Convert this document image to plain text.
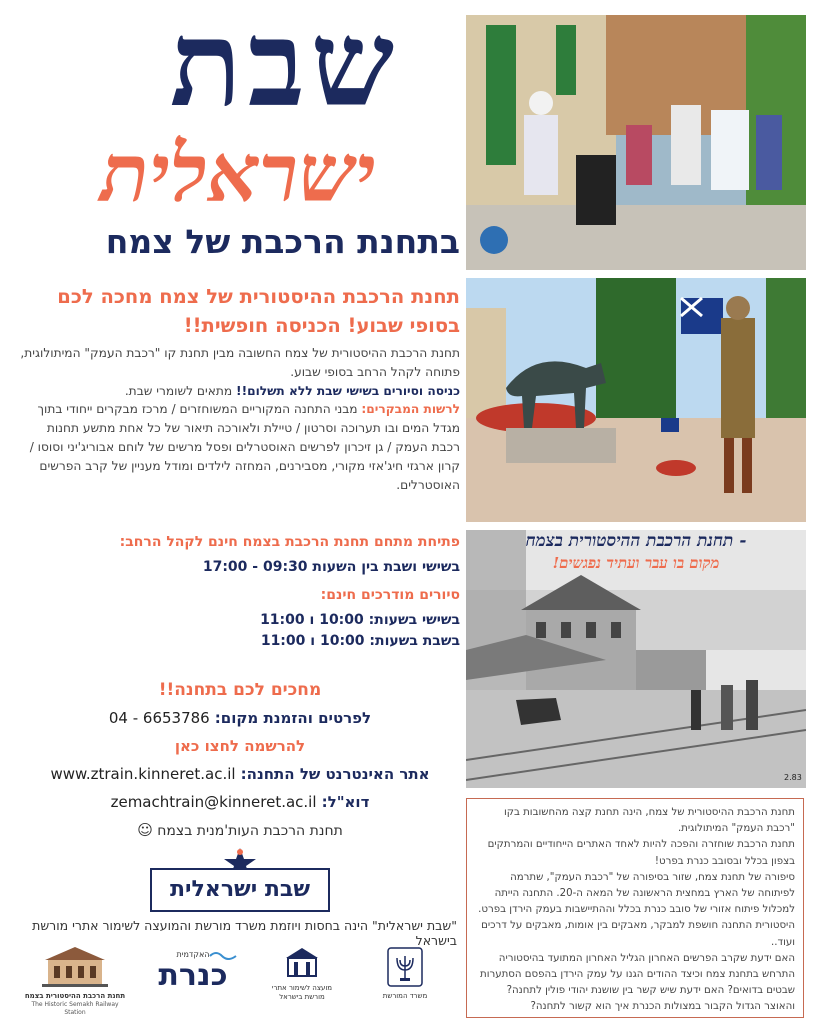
שבת
ישראלית
בתחנת הרכבת של צמח
תחנת הרכבת ההיסטורית של צמח מחכה לכם
בסופי שבוע! הכניסה חופשית!!
תחנת הרכבת ההיסטורית של צמח החשובה מבין תחנת קו "רכבת העמק" המיתולוגית, פתוחה לקהל הרחב בסופי שבוע.
כניסה וסיורים בשישי שבת ללא תשלום!! מתאים לשומרי שבת.
לרשות המבקרים: מבני התחנה המקוריים המשוחזרים / מרכז מבקרים ייחודי בתוך מגדל המים ובו תערוכה וסרטון / טיילת ולאורכה תיאור של כל אחת מתשע תחנות רכבת העמק / גן זיכרון לפרשים האוסטרלים ופסל מרשים של לוחם אבוריג'יני וסוסו / קרון ארגזי חיג'אזי מקורי, מסבירנים, המחזה לילדים ומודל מעניין של קרב הפרשים האוסטרלים.
פתיחת מתחם תחנת הרכבת בצמח חינם לקהל הרחב:
בשישי ושבת בין השעות 09:30 - 17:00
סיורים מודרכים חינם:
בשישי בשעות: 10:00 ו 11:00
בשבת בשעות: 10:00 ו 11:00
מחכים לכם בתחנה!!
לפרטים והזמנת מקום: 04 - 6653786
להרשמה לחצו כאן
אתר האינטרנט של התחנה: www.ztrain.kinneret.ac.il
דוא"ל: zemachtrain@kinneret.ac.il
תחנת הרכבת העות'מנית בצמח ☺
שבת ישראלית
"שבת ישראלית" הינה בחסות ויוזמת משרד מורשת והמועצה לשימור אתרי מורשת בישראל
תחנת הרכבת ההיסטורית בצמח
The Historic Semakh Railway Station
האקדמית
כנרת	מועצה לשימור אתרי מורשת בישראל	משרד המורשת
- תחנת הרכבת ההיסטורית בצמח
מקום בו עבר ועתיד נפגשים!
2.83
תחנת הרכבת ההיסטורית של צמח, הינה תחנת קצה מהחשובות בקו "רכבת העמק" המיתולוגית.
תחנת הרכבת שוחזרה והפכה להיות לאחד האתרים הייחודיים והמרתקים בצפון בכלל ובסובב כנרת בפרט!
סיפורה של תחנת צמח, שזור בסיפורה של "רכבת העמק", שתרמה לפיתוחה של הארץ במחצית הראשונה של המאה ה-20. התחנה הייתה למכלול פיתוח אזורי של סובב כנרת בכלל וההתיישבות בעמק הירדן בפרט. היסטורית התחנה חושפת למבקר, מאבקים בין אומות, מאבקים על דרכים ועוד..
האם ידעת שקרב הפרשים האחרון הגליל האחרון המתועד בהיסטוריה התרחש בתחנת צמח וכיצד ההודים הגנו על עמק הירדן בהפסם הסתערות שבטים בדואים? האם ידעת שיש קשר בין שושנת יהודי פולין לתחנה? והאוצר הגדול הקבור במצולות הכנרת איך הוא קשור לתחנה?
